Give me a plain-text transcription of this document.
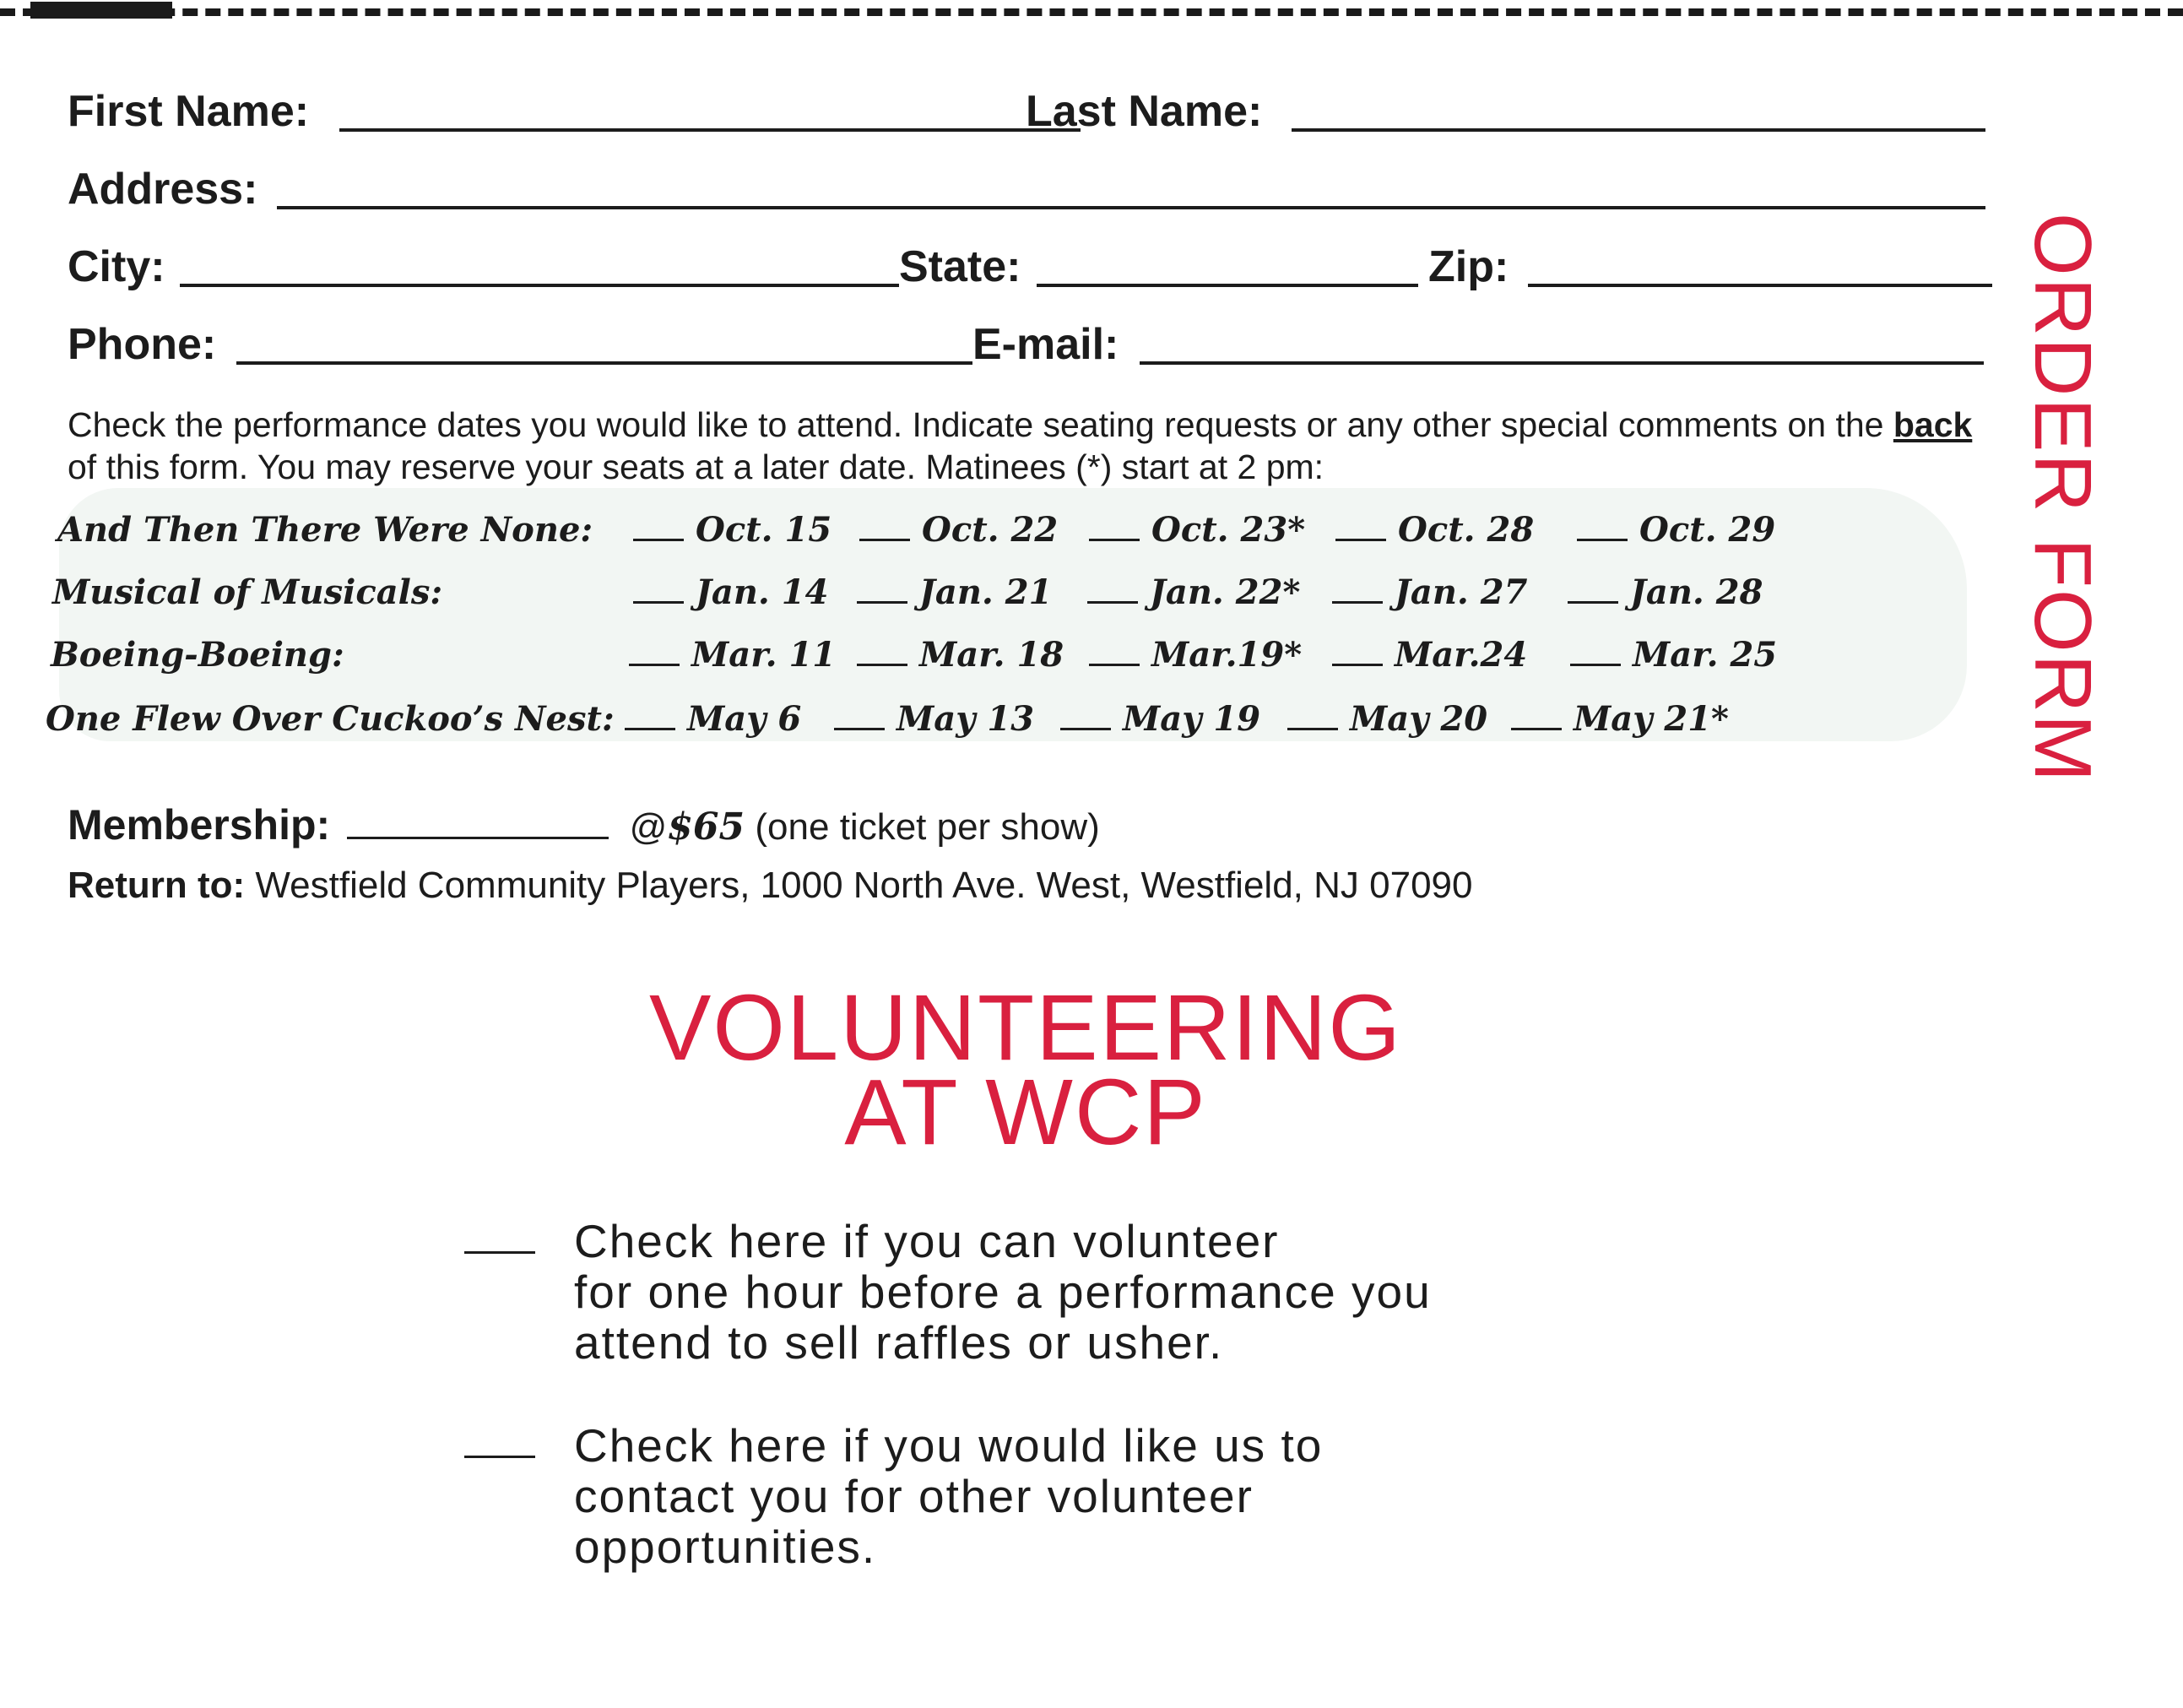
First Name:	Last Name:
Address:
City:	State:	Zip:
Phone:	E-mail:
Check the performance dates you would like to attend. Indicate seating requests or any other special comments on the back of this form. You may reserve your seats at a later date. Matinees (*) start at 2 pm:
And Then There Were None:	Oct. 15	Oct. 22	Oct. 23*	Oct. 28	Oct. 29
Musical of Musicals:	Jan. 14	Jan. 21	Jan. 22*	Jan. 27	Jan. 28
Boeing-Boeing:	Mar. 11	Mar. 18	Mar.19*	Mar.24	Mar. 25
One Flew Over Cuckoo’s Nest:	May 6	May 13	May 19	May 20	May 21*
Membership:	@$65 (one ticket per show)
Return to: Westfield Community Players, 1000 North Ave. West, Westfield, NJ 07090
VOLUNTEERING
AT WCP
Check here if you can volunteer
for one hour before a performance you
attend to sell raffles or usher.
Check here if you would like us to
contact you for other volunteer
opportunities.
ORDER FORM
